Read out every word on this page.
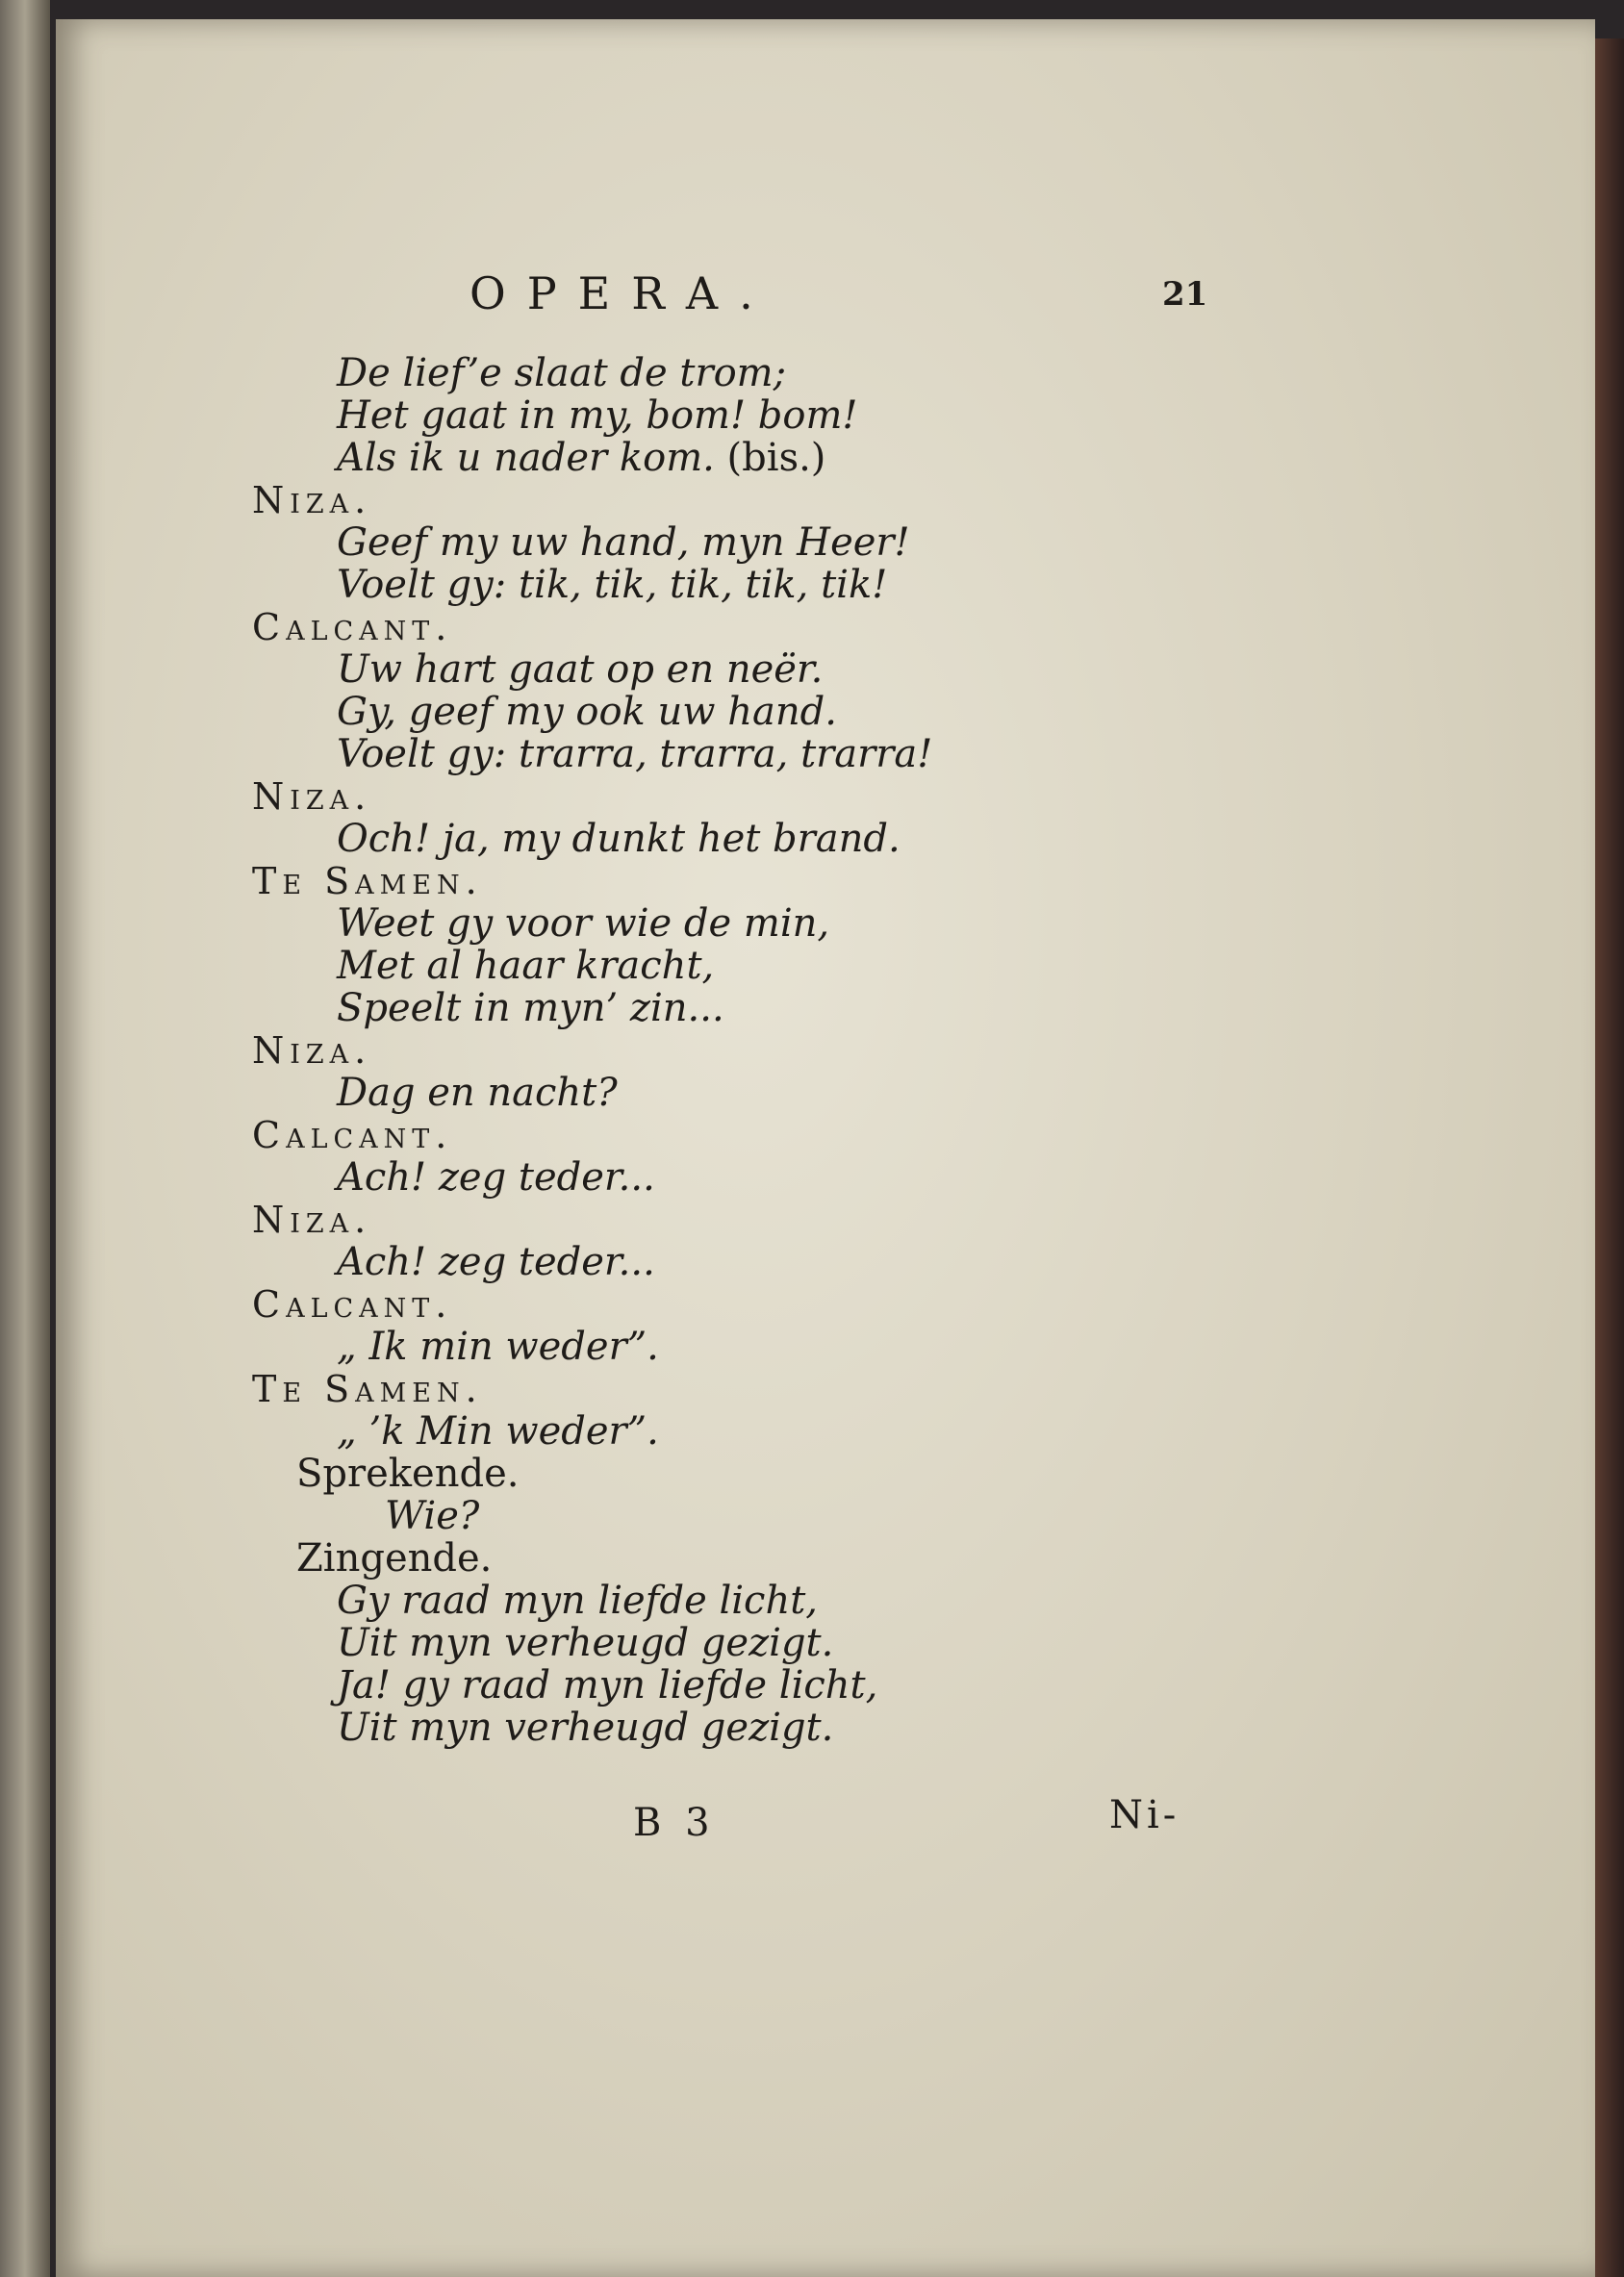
OPERA.	21
De lief’e slaat de trom;
Het gaat in my, bom! bom!
Als ik u nader kom. (bis.)
Niza.
Geef my uw hand, myn Heer!
Voelt gy: tik, tik, tik, tik, tik!
Calcant.
Uw hart gaat op en neër.
Gy, geef my ook uw hand.
Voelt gy: trarra, trarra, trarra!
Niza.
Och! ja, my dunkt het brand.
Te Samen.
Weet gy voor wie de min,
Met al haar kracht,
Speelt in myn’ zin...
Niza.
Dag en nacht?
Calcant.
Ach! zeg teder...
Niza.
Ach! zeg teder...
Calcant.
„ Ik min weder”.
Te Samen.
„ ’k Min weder”.
Sprekende.
Wie?
Zingende.
Gy raad myn liefde licht,
Uit myn verheugd gezigt.
Ja! gy raad myn liefde licht,
Uit myn verheugd gezigt.
B 3	Ni-
